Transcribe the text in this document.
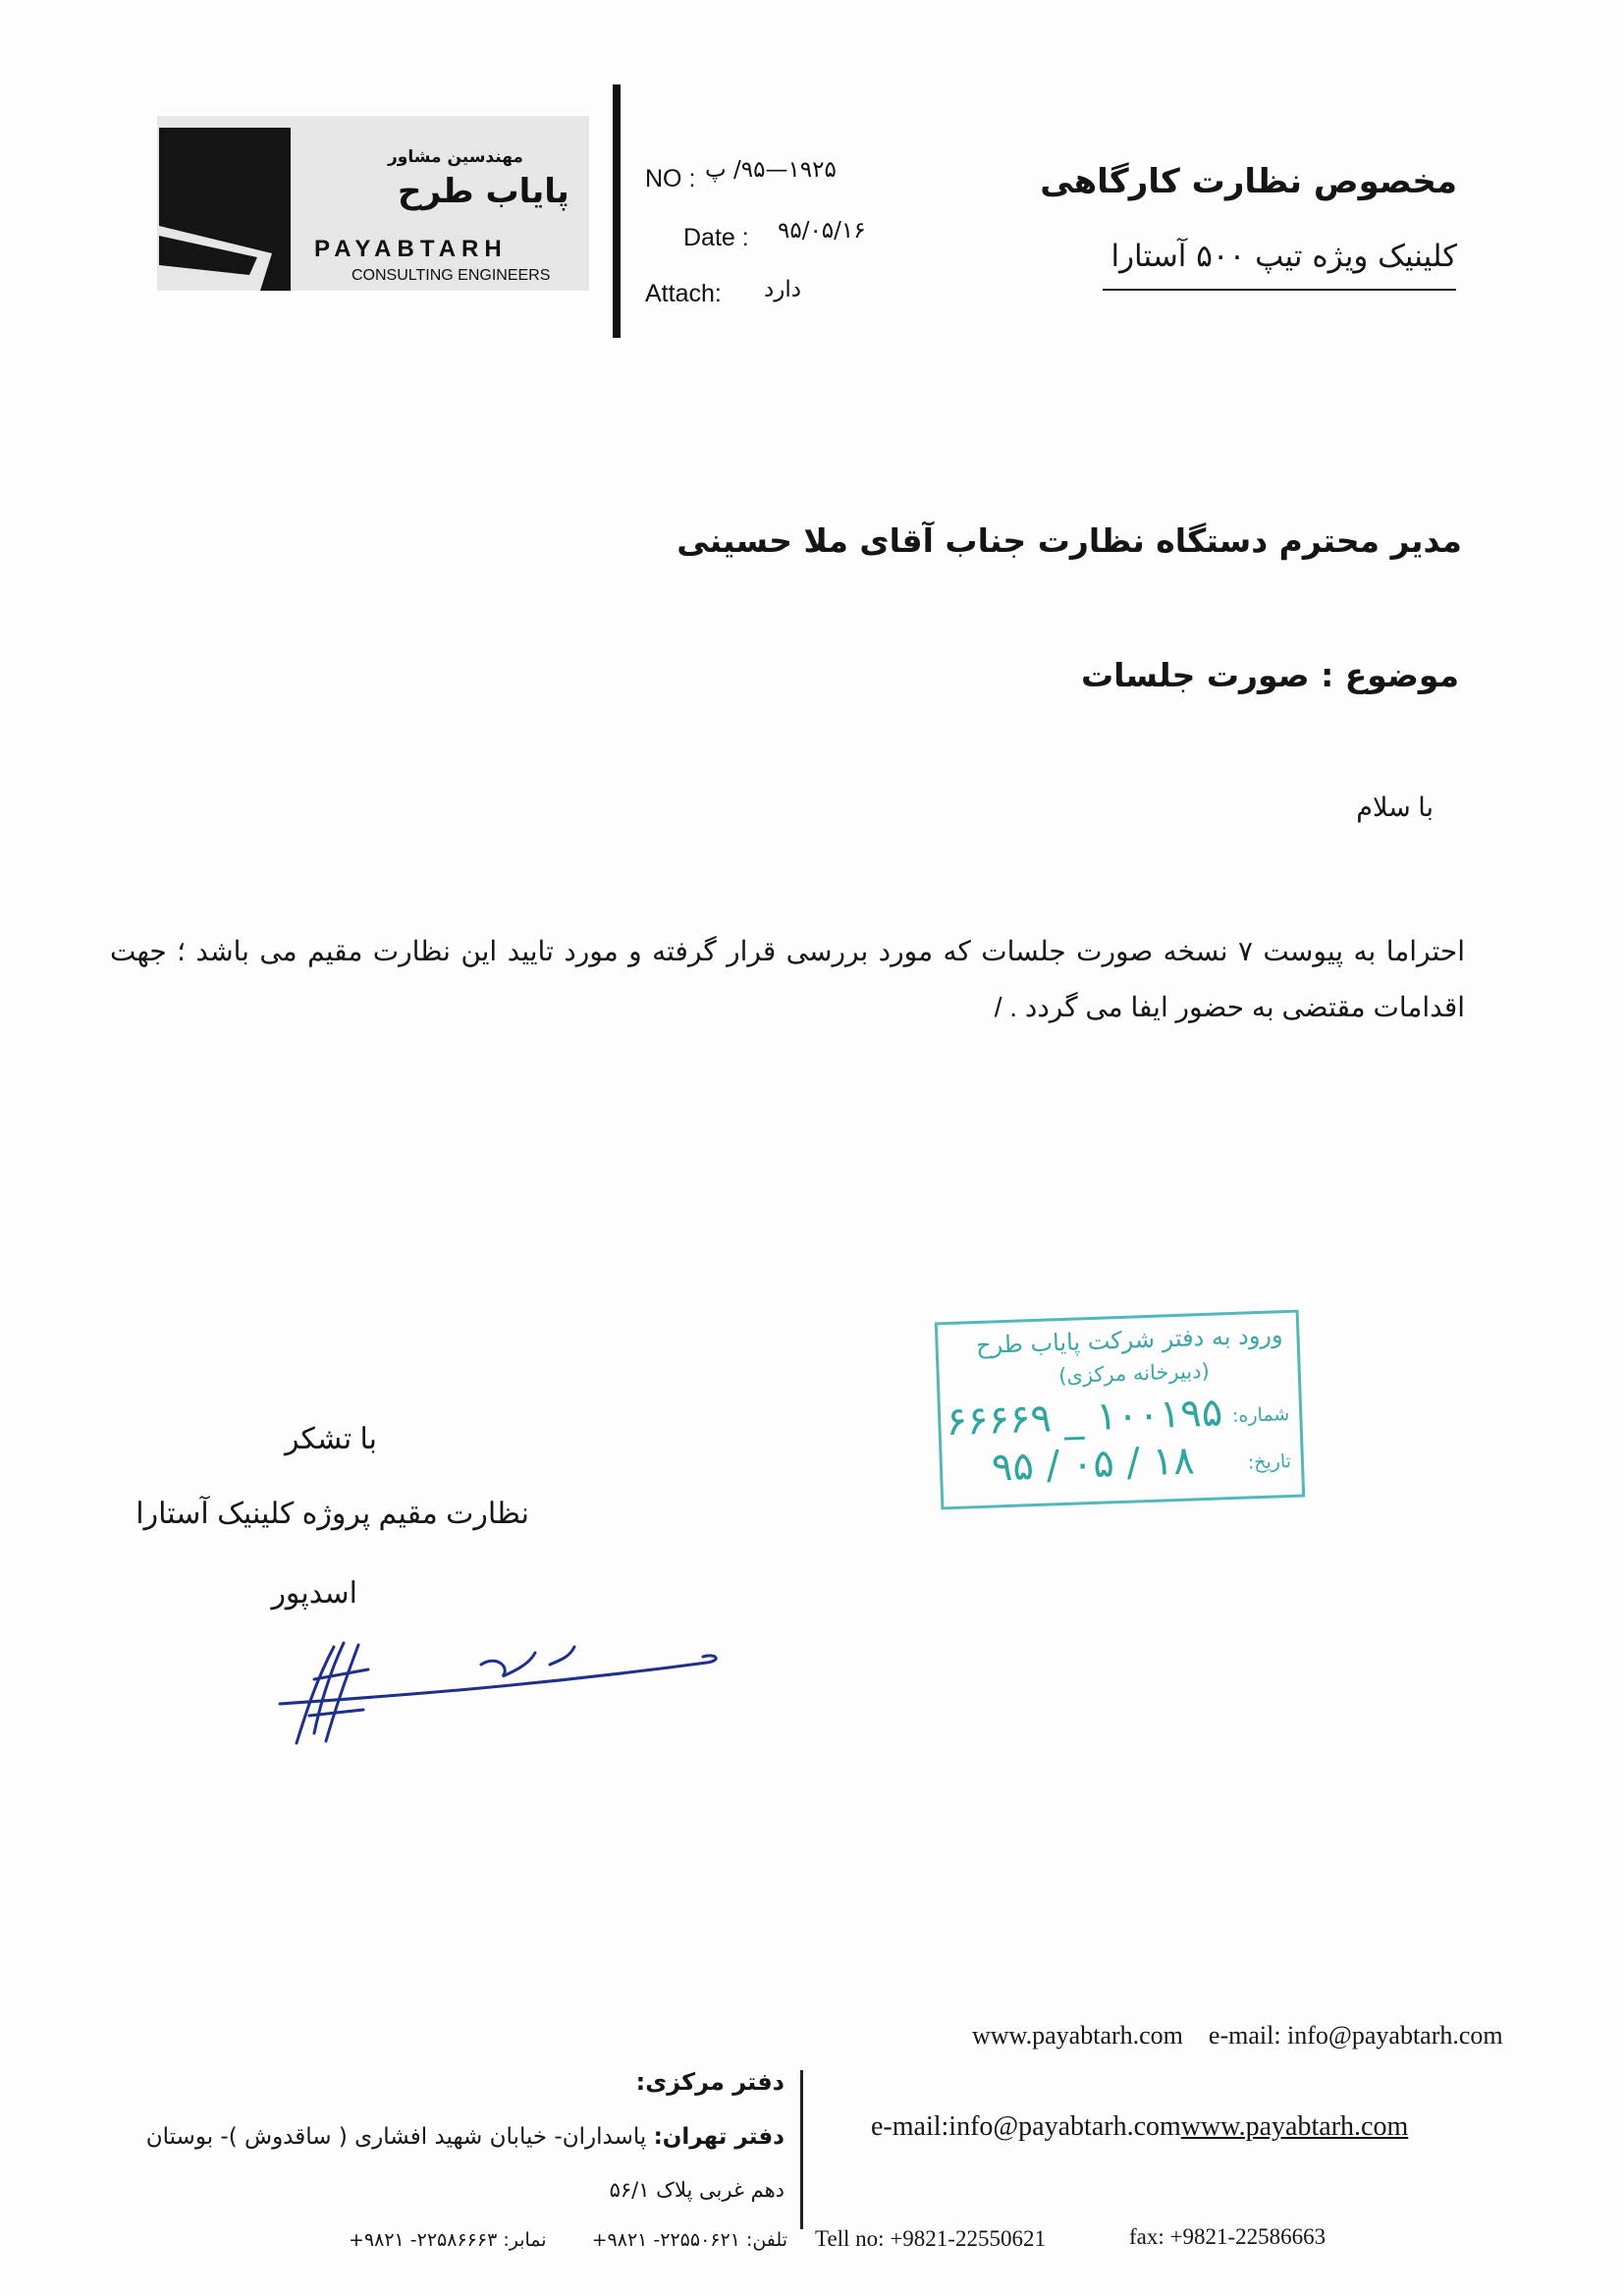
مهندسین مشاور
پایاب طرح
PAYABTARH
CONSULTING ENGINEERS
NO : ۱۹۲۵—۹۵/ پ
Date : ۹۵/۰۵/۱۶
Attach: دارد
مخصوص نظارت کارگاهی
کلینیک ویژه تیپ ۵۰۰ آستارا
مدیر محترم دستگاه نظارت جناب آقای ملا حسینی
موضوع : صورت جلسات
با سلام
احتراما به پیوست ۷ نسخه صورت جلسات که مورد بررسی قرار گرفته و مورد تایید این نظارت مقیم می باشد ؛ جهت اقدامات مقتضی به حضور ایفا می گردد . /
ورود به دفتر شرکت پایاب طرح
(دبیرخانه مرکزی)
شماره:
۶۶۶۶۹ _ ۱۰۰۱۹۵
تاریخ:
۹۵ / ۰۵ / ۱۸
با تشکر
نظارت مقیم پروژه کلینیک آستارا
اسدپور
www.payabtarh.com e-mail: info@payabtarh.com
e-mail:info@payabtarh.comwww.payabtarh.com
Tell no: +9821-22550621	fax: +9821-22586663
دفتر مرکزی:
دفتر تهران: پاسداران- خیابان شهید افشاری ( ساقدوش )- بوستان
دهم غربی پلاک ۵۶/۱
تلفن: ۲۲۵۵۰۶۲۱- ۹۸۲۱+ نمابر: ۲۲۵۸۶۶۶۳- ۹۸۲۱+
